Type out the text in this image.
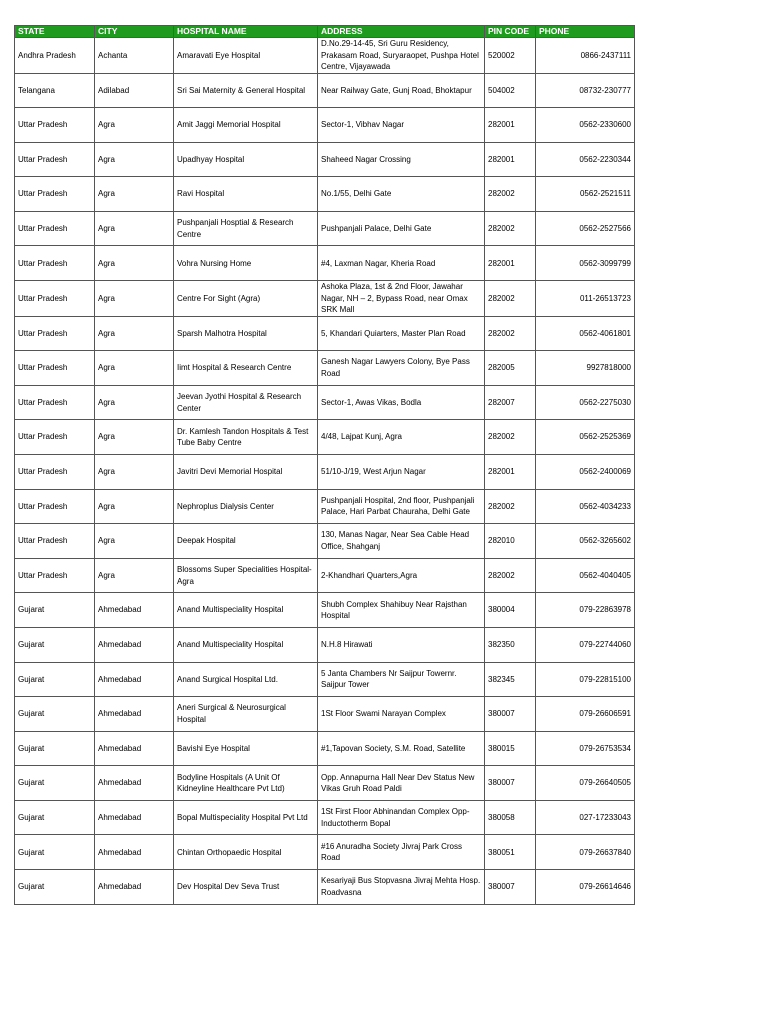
STATE	CITY	HOSPITAL NAME	ADDRESS	PIN CODE	PHONE
Andhra Pradesh	Achanta	Amaravati Eye Hospital	D.No.29-14-45, Sri Guru Residency, Prakasam Road, Suryaraopet, Pushpa Hotel Centre, Vijayawada	520002	0866-2437111
Telangana	Adilabad	Sri Sai Maternity & General Hospital	Near Railway Gate, Gunj Road, Bhoktapur	504002	08732-230777
Uttar Pradesh	Agra	Amit Jaggi Memorial Hospital	Sector-1, Vibhav Nagar	282001	0562-2330600
Uttar Pradesh	Agra	Upadhyay Hospital	Shaheed Nagar Crossing	282001	0562-2230344
Uttar Pradesh	Agra	Ravi Hospital	No.1/55, Delhi Gate	282002	0562-2521511
Uttar Pradesh	Agra	Pushpanjali Hosptial & Research Centre	Pushpanjali Palace, Delhi Gate	282002	0562-2527566
Uttar Pradesh	Agra	Vohra Nursing Home	#4, Laxman Nagar, Kheria Road	282001	0562-3099799
Uttar Pradesh	Agra	Centre For Sight (Agra)	Ashoka Plaza, 1st & 2nd Floor, Jawahar Nagar, NH – 2, Bypass Road, near Omax SRK Mall	282002	011-26513723
Uttar Pradesh	Agra	Sparsh Malhotra Hospital	5, Khandari Quiarters, Master Plan Road	282002	0562-4061801
Uttar Pradesh	Agra	Iimt Hospital & Research Centre	Ganesh Nagar Lawyers Colony, Bye Pass Road	282005	9927818000
Uttar Pradesh	Agra	Jeevan Jyothi Hospital & Research Center	Sector-1, Awas Vikas, Bodla	282007	0562-2275030
Uttar Pradesh	Agra	Dr. Kamlesh Tandon Hospitals & Test Tube Baby Centre	4/48, Lajpat Kunj, Agra	282002	0562-2525369
Uttar Pradesh	Agra	Javitri Devi Memorial Hospital	51/10-J/19, West Arjun Nagar	282001	0562-2400069
Uttar Pradesh	Agra	Nephroplus Dialysis Center	Pushpanjali Hospital, 2nd floor, Pushpanjali Palace, Hari Parbat Chauraha, Delhi Gate	282002	0562-4034233
Uttar Pradesh	Agra	Deepak Hospital	130, Manas Nagar, Near Sea Cable Head Office, Shahganj	282010	0562-3265602
Uttar Pradesh	Agra	Blossoms Super Specialities Hospital-Agra	2-Khandhari Quarters,Agra	282002	0562-4040405
Gujarat	Ahmedabad	Anand Multispeciality Hospital	Shubh Complex Shahibuy Near Rajsthan Hospital	380004	079-22863978
Gujarat	Ahmedabad	Anand Multispeciality Hospital	N.H.8 Hirawati	382350	079-22744060
Gujarat	Ahmedabad	Anand Surgical Hospital Ltd.	5 Janta Chambers Nr Saijpur Towernr. Saijpur Tower	382345	079-22815100
Gujarat	Ahmedabad	Aneri Surgical & Neurosurgical Hospital	1St Floor Swami Narayan Complex	380007	079-26606591
Gujarat	Ahmedabad	Bavishi Eye Hospital	#1,Tapovan Society, S.M. Road, Satellite	380015	079-26753534
Gujarat	Ahmedabad	Bodyline Hospitals (A Unit Of Kidneyline Healthcare Pvt Ltd)	Opp. Annapurna Hall Near Dev Status New Vikas Gruh Road Paldi	380007	079-26640505
Gujarat	Ahmedabad	Bopal Multispeciality Hospital Pvt Ltd	1St First Floor Abhinandan Complex Opp-Inductotherm Bopal	380058	027-17233043
Gujarat	Ahmedabad	Chintan Orthopaedic Hospital	#16 Anuradha Society Jivraj Park Cross Road	380051	079-26637840
Gujarat	Ahmedabad	Dev Hospital Dev Seva Trust	Kesariyaji Bus Stopvasna Jivraj Mehta Hosp. Roadvasna	380007	079-26614646
